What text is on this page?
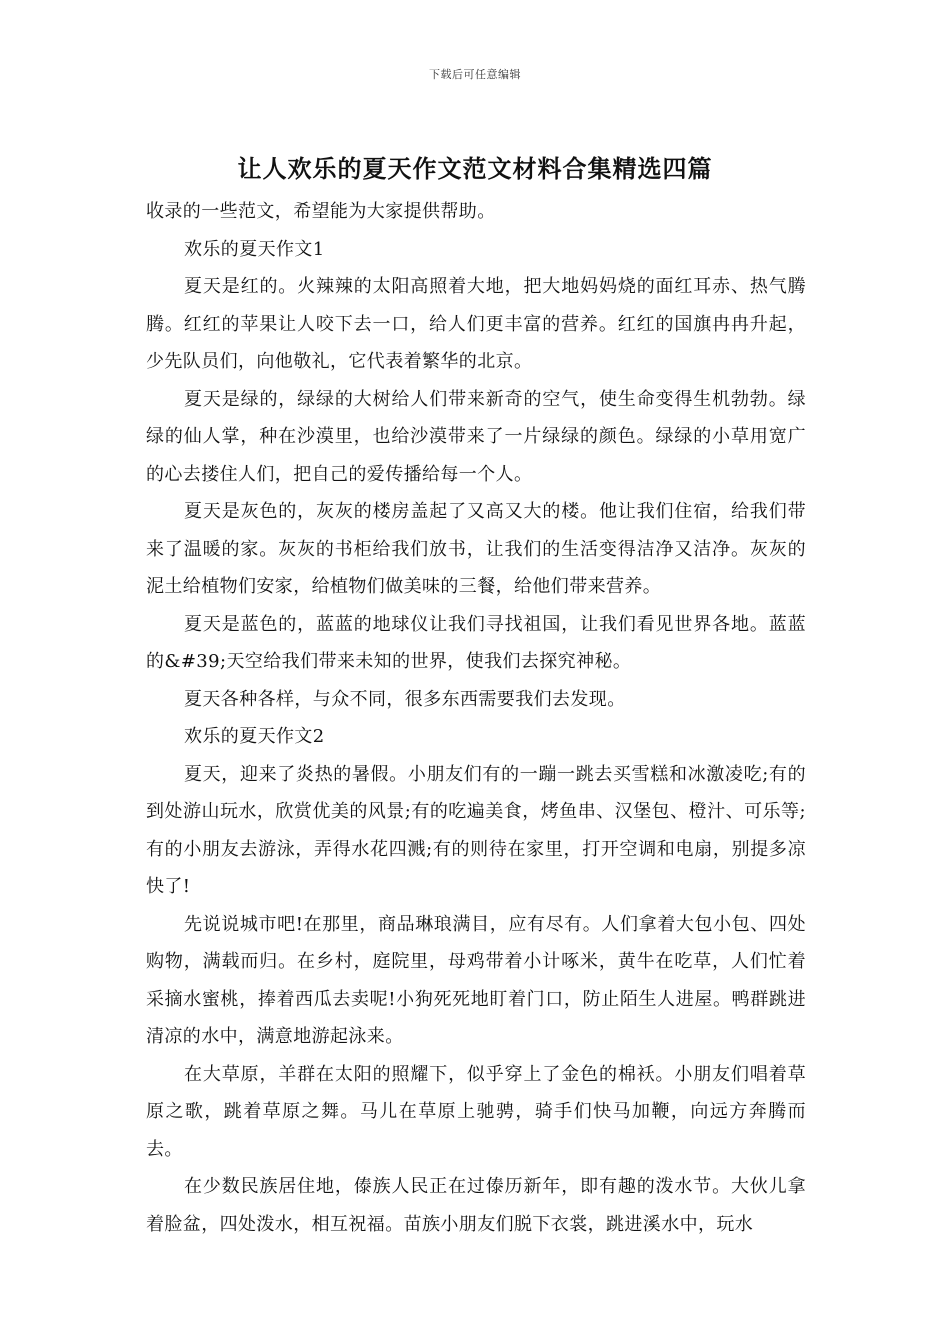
下载后可任意编辑
让人欢乐的夏天作文范文材料合集精选四篇

收录的一些范文，希望能为大家提供帮助。

欢乐的夏天作文1

夏天是红的。火辣辣的太阳高照着大地，把大地妈妈烧的面红耳赤、热气腾腾。红红的苹果让人咬下去一口，给人们更丰富的营养。红红的国旗冉冉升起，少先队员们，向他敬礼，它代表着繁华的北京。

夏天是绿的，绿绿的大树给人们带来新奇的空气，使生命变得生机勃勃。绿绿的仙人掌，种在沙漠里，也给沙漠带来了一片绿绿的颜色。绿绿的小草用宽广的心去搂住人们，把自己的爱传播给每一个人。

夏天是灰色的，灰灰的楼房盖起了又高又大的楼。他让我们住宿，给我们带来了温暖的家。灰灰的书柜给我们放书，让我们的生活变得洁净又洁净。灰灰的泥土给植物们安家，给植物们做美味的三餐，给他们带来营养。

夏天是蓝色的，蓝蓝的地球仪让我们寻找祖国，让我们看见世界各地。蓝蓝的&#39;天空给我们带来未知的世界，使我们去探究神秘。

夏天各种各样，与众不同，很多东西需要我们去发现。

欢乐的夏天作文2

夏天，迎来了炎热的暑假。小朋友们有的一蹦一跳去买雪糕和冰激凌吃;有的到处游山玩水，欣赏优美的风景;有的吃遍美食，烤鱼串、汉堡包、橙汁、可乐等;有的小朋友去游泳，弄得水花四溅;有的则待在家里，打开空调和电扇，别提多凉快了!

先说说城市吧!在那里，商品琳琅满目，应有尽有。人们拿着大包小包、四处购物，满载而归。在乡村，庭院里，母鸡带着小计啄米，黄牛在吃草，人们忙着采摘水蜜桃，捧着西瓜去卖呢!小狗死死地盯着门口，防止陌生人进屋。鸭群跳进清凉的水中，满意地游起泳来。

在大草原，羊群在太阳的照耀下，似乎穿上了金色的棉袄。小朋友们唱着草原之歌，跳着草原之舞。马儿在草原上驰骋，骑手们快马加鞭，向远方奔腾而去。

在少数民族居住地，傣族人民正在过傣历新年，即有趣的泼水节。大伙儿拿着脸盆，四处泼水，相互祝福。苗族小朋友们脱下衣裳，跳进溪水中，玩水
